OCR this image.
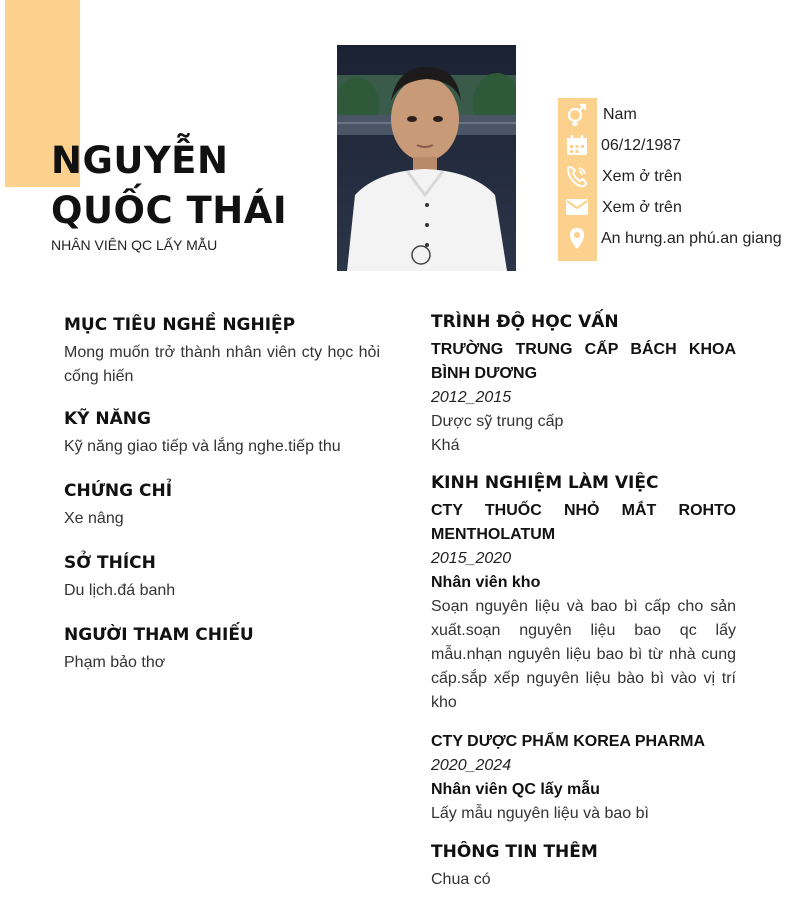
NGUYỄN QUỐC THÁI
NHÂN VIÊN QC LẤY MẪU
Nam
06/12/1987
Xem ở trên
Xem ở trên
An hưng.an phú.an giang
MỤC TIÊU NGHỀ NGHIỆP
Mong muốn trở thành nhân viên cty học hỏi cống hiến
KỸ NĂNG
Kỹ năng giao tiếp và lắng nghe.tiếp thu
CHỨNG CHỈ
Xe nâng
SỞ THÍCH
Du lịch.đá banh
NGƯỜI THAM CHIẾU
Phạm bảo thơ
TRÌNH ĐỘ HỌC VẤN
TRƯỜNG TRUNG CẤP BÁCH KHOA BÌNH DƯƠNG
2012_2015
Dược sỹ trung cấp
Khá
KINH NGHIỆM LÀM VIỆC
CTY THUỐC NHỎ MẮT ROHTO MENTHOLATUM
2015_2020
Nhân viên kho
Soạn nguyên liệu và bao bì cấp cho sản xuất.soạn nguyên liệu bao qc lấy mẫu.nhạn nguyên liệu bao bì từ nhà cung cấp.sắp xếp nguyên liệu bào bì vào vị trí kho
CTY DƯỢC PHẨM KOREA PHARMA
2020_2024
Nhân viên QC lấy mẫu
Lấy mẫu nguyên liệu và bao bì
THÔNG TIN THÊM
Chua có
